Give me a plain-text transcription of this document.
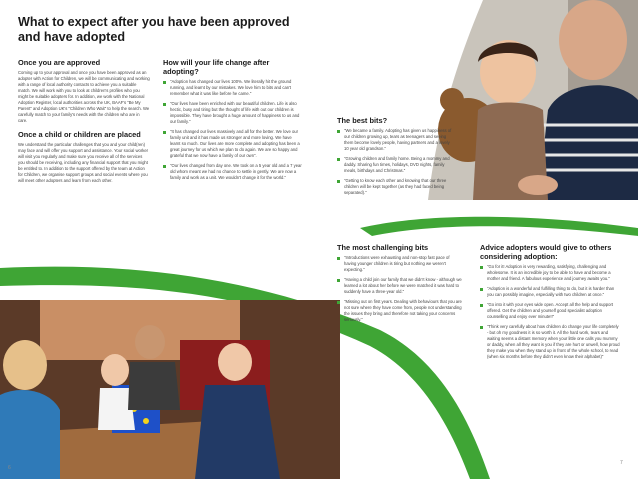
What to expect after you have been approved and have adopted
Once you are approved

Coming up to your approval and once you have been approved as an adopter with Action for Children, we will be communicating and working with a range of local authority contacts to achieve you a suitable match. We will work with you to look at children's profiles who you might be suitable adopters for. In addition, we work with the National Adoption Register, local authorities across the UK, BAAF's "Be My Parent" and Adoption UK's "Children Who Wait" to help the search. We carefully match to your family's needs with the children who are in care.

Once a child or children are placed

We understand the particular challenges that you and your child(ren) may face and will offer you support and assistance. Your social worker will visit you regularly and make sure you receive all of the services you should be receiving, including any financial support that you might be entitled to. In addition to the support offered by the team at Action for Children, we organise support groups and social events where you will meet other adopters and learn from each other.

How will your life change after adopting?
"Adoption has changed our lives 100%. We literally hit the ground running, and learnt by our mistakes. We love him to bits and can't remember what it was like before he came."
"Our lives have been enriched with our beautiful children. Life is also hectic, busy and tiring but the thought of life with out our children is impossible. They have brought a huge amount of happiness to us and our family."
"It has changed our lives massively and all for the better. We love our family unit and it has made us stronger and more loving. We have learnt so much. Our lives are more complete and adopting has been a great journey for us which we plan to do again. We are so happy and grateful that we now have a family of our own".
"Our lives changed from day one. We took on a 5 year old and a 7 year old whom meant we had no chance to settle in gently. We are now a family and work as a unit. We wouldn't change it for the world."
The best bits?
"We became a family. Adopting has given us happiness of our children growing up, tears as teenagers and seeing them become lovely people, having partners and a lovely 10 year old grandson."
"Growing children and family home. Being a mommy and daddy. Sharing fun times, holidays, DVD nights, family meals, birthdays and Christmas."
"Getting to know each other and knowing that our three children will be kept together (as they had faced being separated)."
The most challenging bits
"Introductions were exhausting and non-stop fast pace of having younger children is tiring but nothing we weren't expecting."
"Having a child join our family that we didn't know - although we learned a lot about her before we were matched it was hard to suddenly have a three-year old."
"Missing out on first years. Dealing with behaviours that you are not sure where they have come from, people not understanding the issues they bring and therefore not taking your concerns seriously."
Advice adopters would give to others considering adoption:
"Go for it! Adoption is very rewarding, satisfying, challenging and wholesome. It is an incredible joy to be able to have and become a mother and friend. A fabulous experience and journey awaits you."
"Adoption is a wonderful and fulfilling thing to do, but it is harder than you can possibly imagine, especially with two children at once."
"Go into it with your eyes wide open. Accept all the help and support offered. Get the children and yourself good specialist adoption counselling and enjoy ever minute!!"
"Think very carefully about how children do change your life completely - but oh my goodness it is so worth it. All the hard work, tears and waiting seems a distant memory when your little one calls you mummy or daddy, when all they want is you if they are hurt or unwell, how proud they make you when they stand up in front of the whole school, to read (when six months before they didn't even know their alphabet)"
6
7
